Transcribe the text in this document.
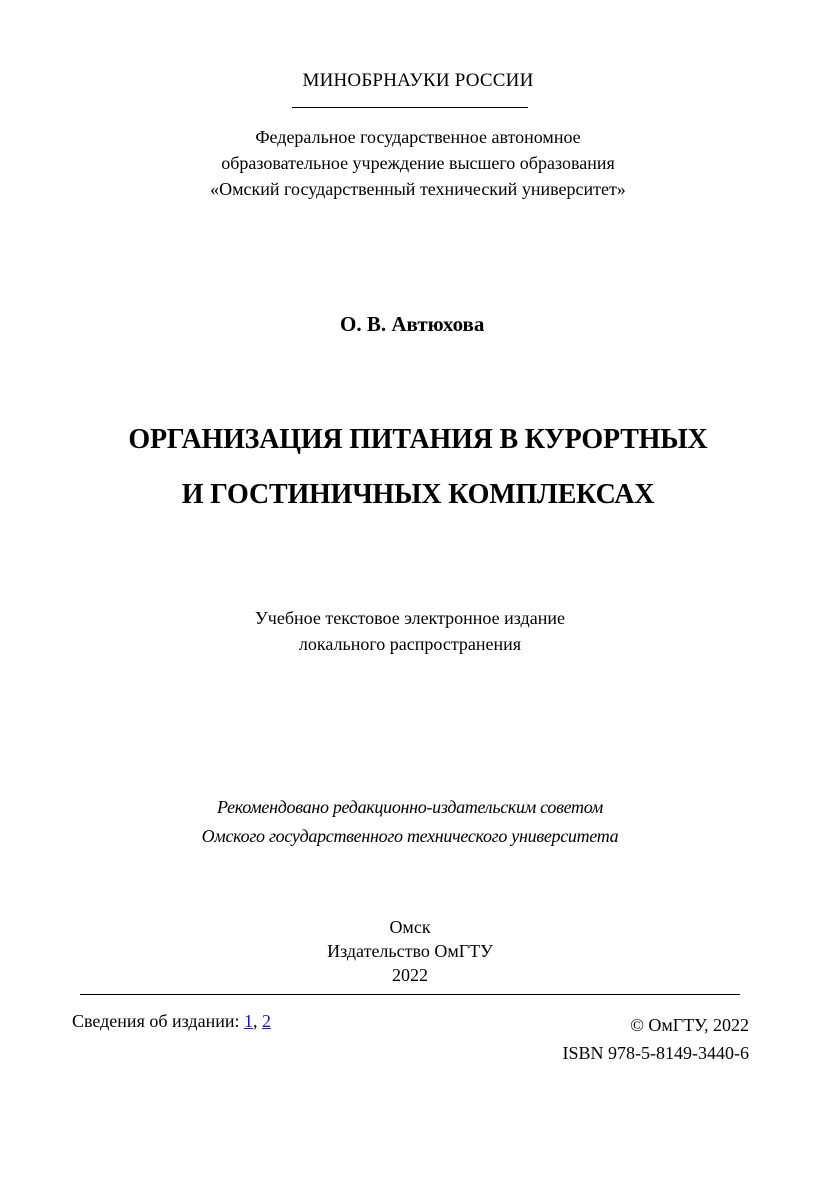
МИНОБРНАУКИ РОССИИ
Федеральное государственное автономное
образовательное учреждение высшего образования
«Омский государственный технический университет»
О. В. Автюхова
ОРГАНИЗАЦИЯ ПИТАНИЯ В КУРОРТНЫХ
И ГОСТИНИЧНЫХ КОМПЛЕКСАХ
Учебное текстовое электронное издание
локального распространения
Рекомендовано редакционно-издательским советом
Омского государственного технического университета
Омск
Издательство ОмГТУ
2022
Сведения об издании: 1, 2	© ОмГТУ, 2022
ISBN 978-5-8149-3440-6
